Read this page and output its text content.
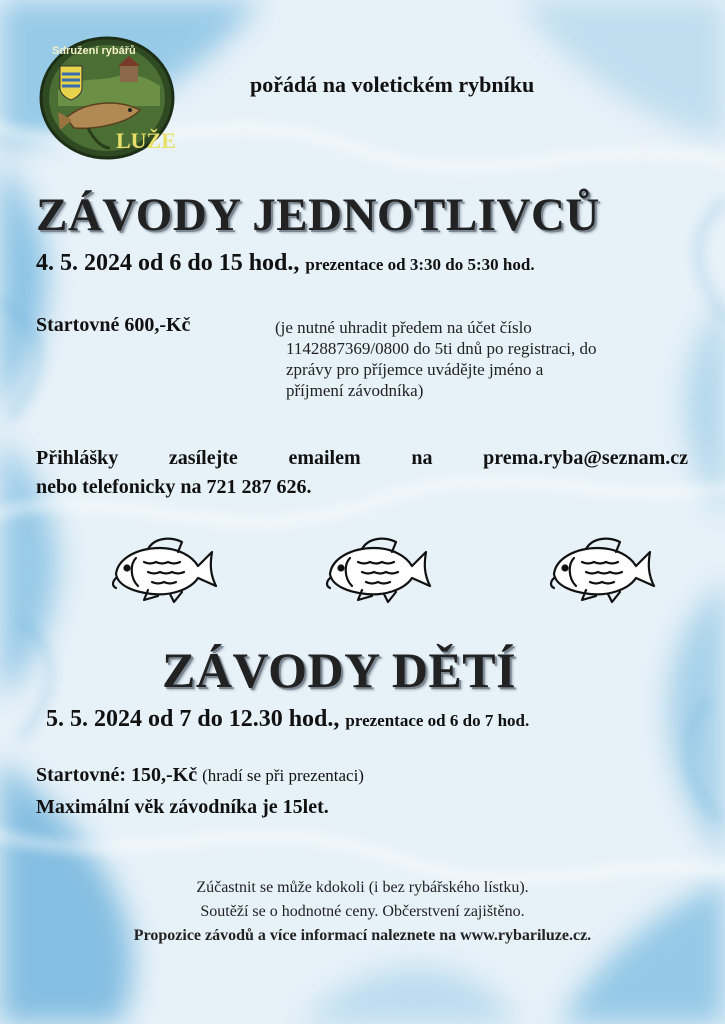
Sdružení rybářů
LUŽE
pořádá na voletickém rybníku
ZÁVODY JEDNOTLIVCŮ
4. 5. 2024 od 6 do 15 hod., prezentace od 3:30 do 5:30 hod.
Startovné 600,-Kč	(je nutné uhradit předem na účet číslo
1142887369/0800 do 5ti dnů po registraci, do
zprávy pro příjemce uvádějte jméno a
příjmení závodníka)
Přihlášky zasílejte emailem na prema.ryba@seznam.cz
nebo telefonicky na 721 287 626.
ZÁVODY DĚTÍ
5. 5. 2024 od 7 do 12.30 hod., prezentace od 6 do 7 hod.
Startovné: 150,-Kč (hradí se při prezentaci)
Maximální věk závodníka je 15let.
Zúčastnit se může kdokoli (i bez rybářského lístku).
Soutěží se o hodnotné ceny. Občerstvení zajištěno.
Propozice závodů a více informací naleznete na www.rybariluze.cz.
